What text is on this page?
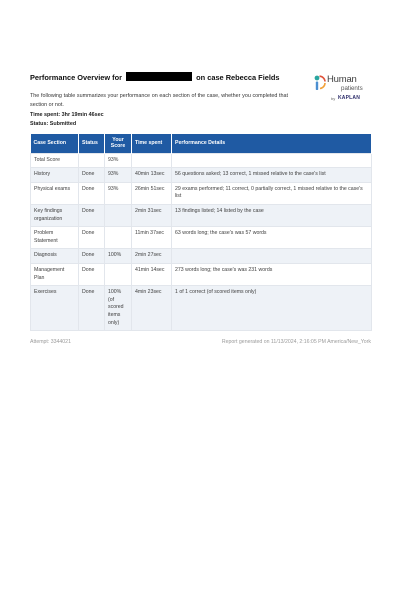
Performance Overview for	on case Rebecca Fields	Human
patients
by KAPLAN
The following table summarizes your performance on each section of the case, whether you completed that section or not.
Time spent: 3hr 19min 46sec
Status: Submitted
Case Section	Status	Your Score	Time spent	Performance Details
Total Score		93%		
History	Done	93%	40min 13sec	56 questions asked; 13 correct, 1 missed relative to the case's list
Physical exams	Done	93%	26min 51sec	29 exams performed; 11 correct, 0 partially correct, 1 missed relative to the case's list
Key findings organization	Done		2min 31sec	13 findings listed; 14 listed by the case
Problem Statement	Done		11min 37sec	63 words long; the case's was 57 words
Diagnosis	Done	100%	2min 27sec	
Management Plan	Done		41min 14sec	273 words long; the case's was 231 words
Exercises	Done	100% (of scored items only)	4min 23sec	1 of 1 correct (of scored items only)
Attempt: 3344021	Report generated on 11/13/2024, 2:16:05 PM America/New_York
